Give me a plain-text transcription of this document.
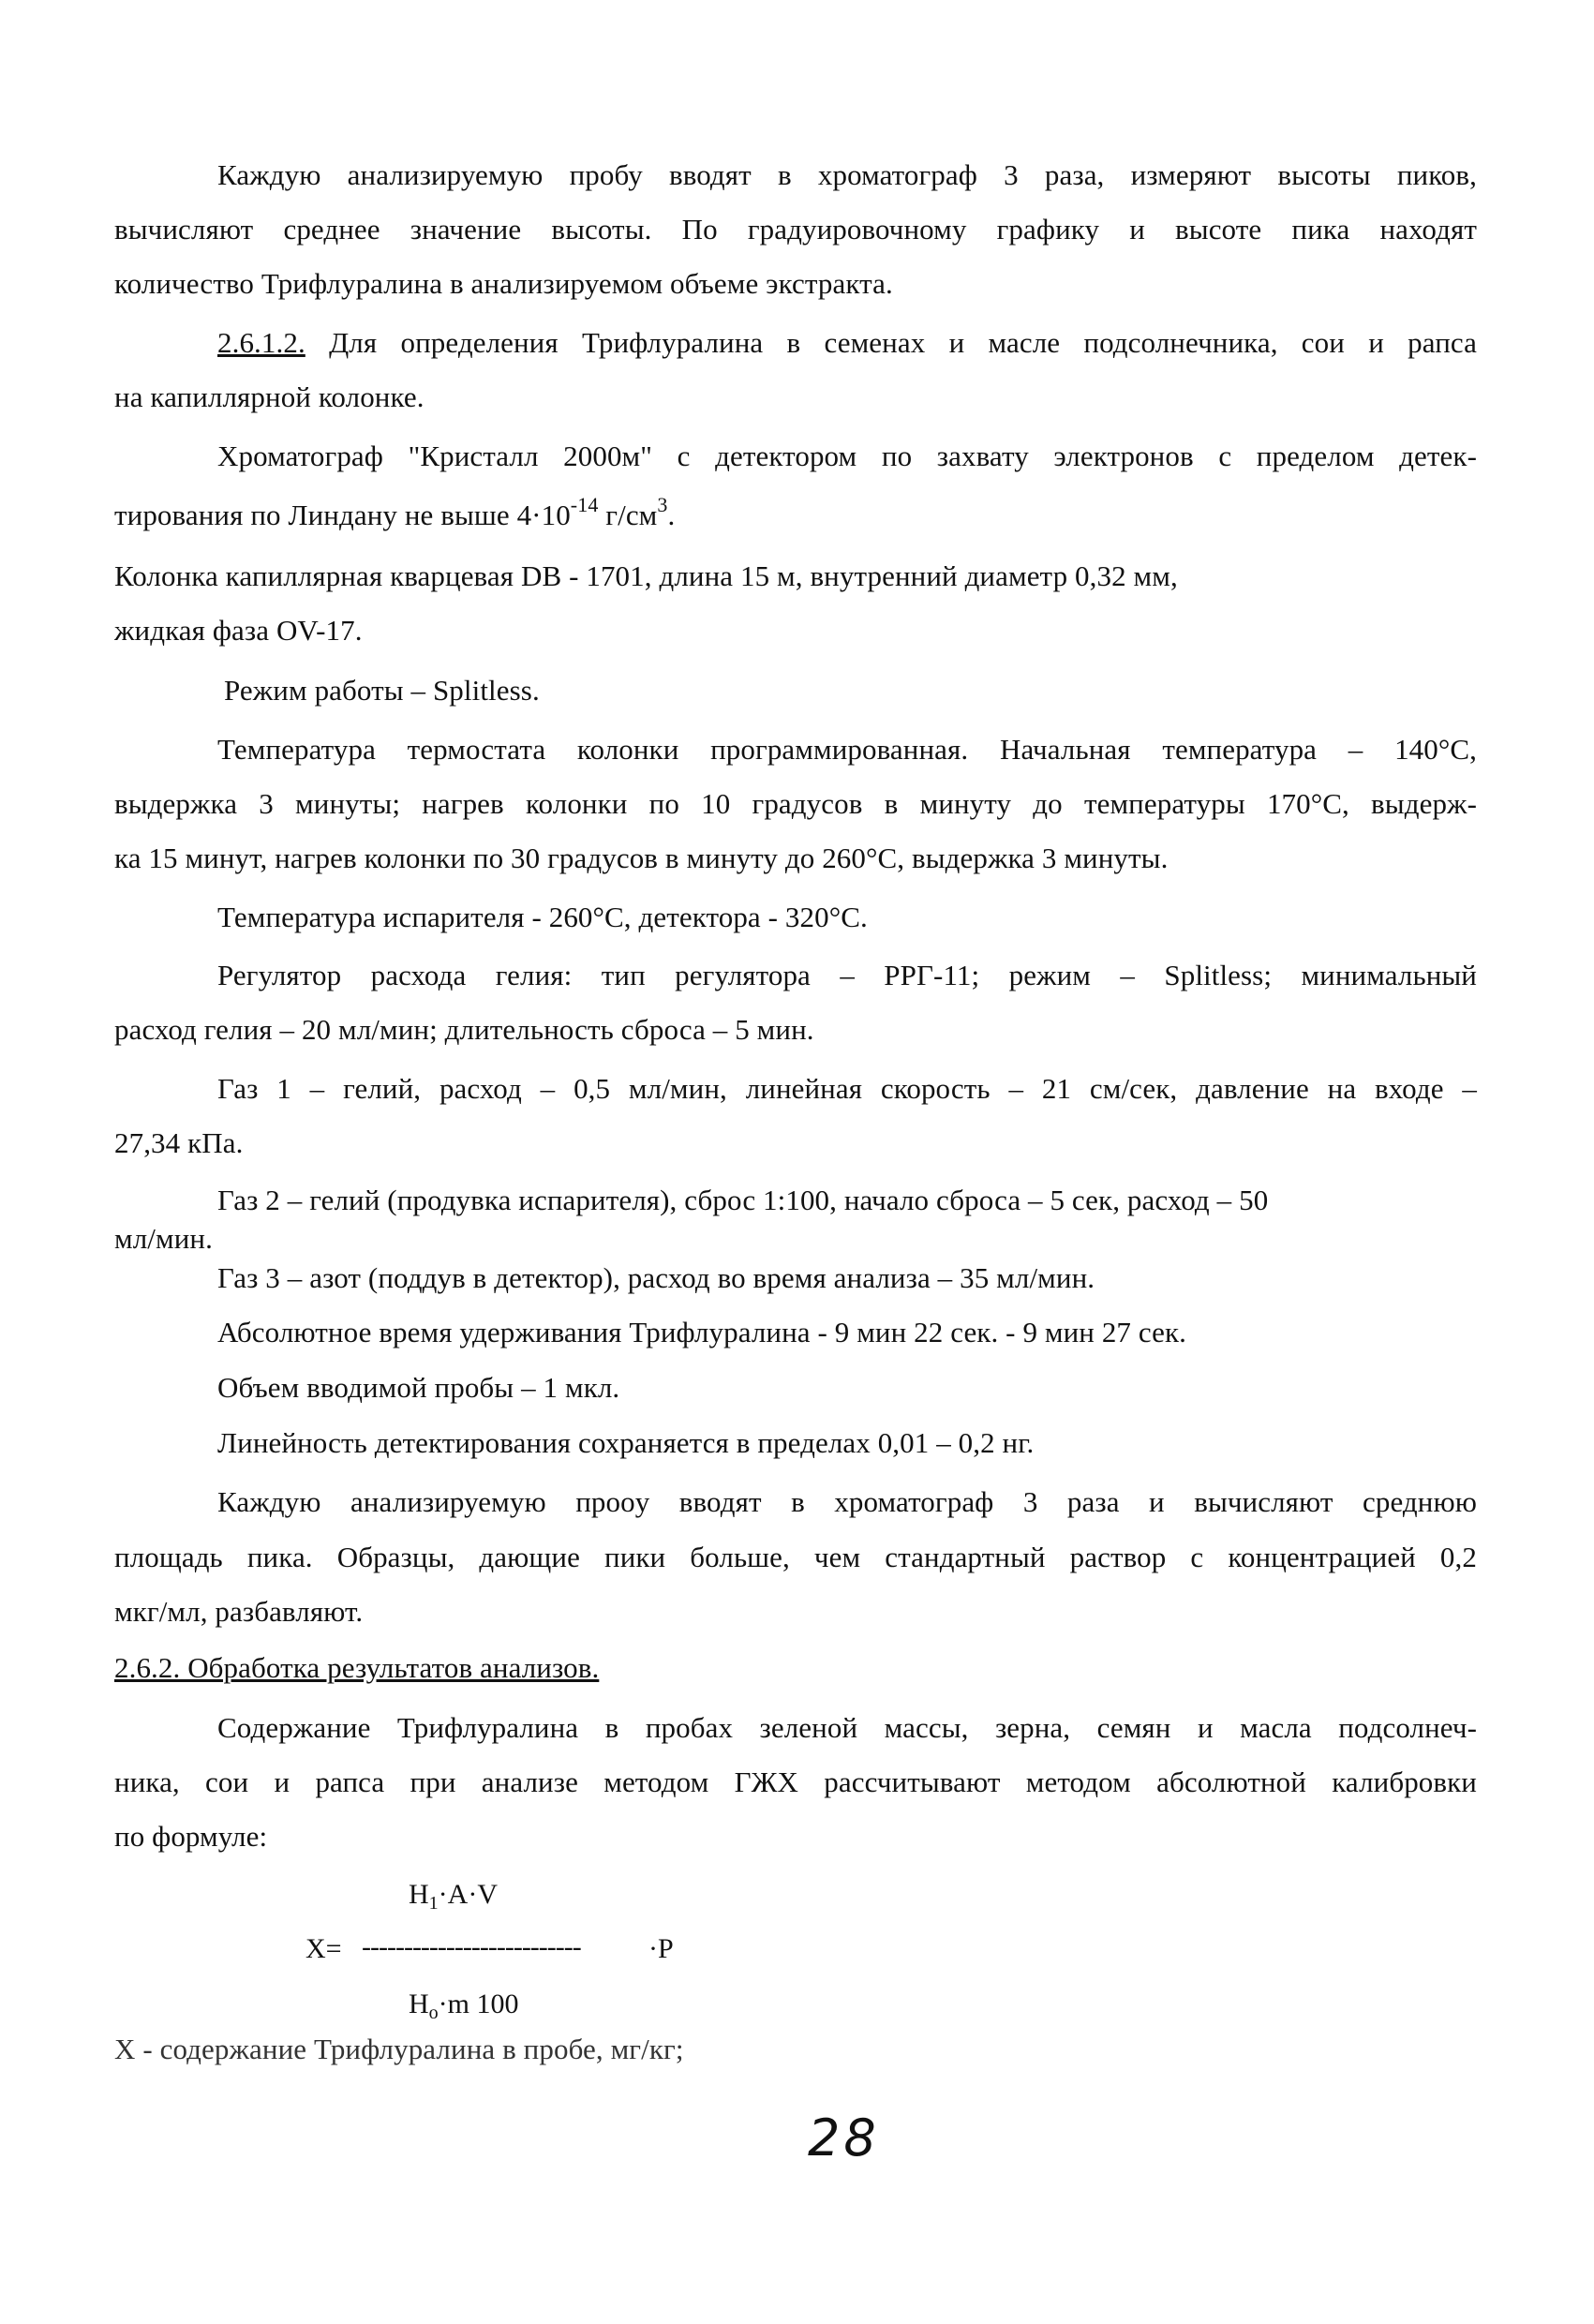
Каждую анализируемую пробу вводят в хроматограф 3 раза, измеряют высоты пиков,
вычисляют среднее значение высоты. По градуировочному графику и высоте пика находят
количество Трифлуралина в анализируемом объеме экстракта.
2.6.1.2. Для определения Трифлуралина в семенах и масле подсолнечника, сои и рапса
на капиллярной колонке.
Хроматограф "Кристалл 2000м" с детектором по захвату электронов с пределом детек-
тирования по Линдану не выше $4\cdot 10^{-14}$ $г/см^3$.
Колонка капиллярная кварцевая DB - 1701, длина 15 м, внутренний диаметр 0,32 мм,
жидкая фаза OV-17.
Режим работы – Splitless.
Температура термостата колонки программированная. Начальная температура – 140°С,
выдержка 3 минуты; нагрев колонки по 10 градусов в минуту до температуры 170°С, выдерж-
ка 15 минут, нагрев колонки по 30 градусов в минуту до 260°С, выдержка 3 минуты.
Температура испарителя - 260°С, детектора - 320°С.
Регулятор расхода гелия: тип регулятора – РРГ-11; режим – Splitless; минимальный
расход гелия – 20 мл/мин; длительность сброса – 5 мин.
Газ 1 – гелий, расход – 0,5 мл/мин, линейная скорость – 21 см/сек, давление на входе –
27,34 кПа.
Газ 2 – гелий (продувка испарителя), сброс 1:100, начало сброса – 5 сек, расход – 50
мл/мин.
Газ 3 – азот (поддув в детектор), расход во время анализа – 35 мл/мин.
Абсолютное время удерживания Трифлуралина - 9 мин 22 сек. - 9 мин 27 сек.
Объем вводимой пробы – 1 мкл.
Линейность детектирования сохраняется в пределах 0,01 – 0,2 нг.
Каждую анализируемую проoy вводят в хроматограф 3 раза и вычисляют среднюю
площадь пика. Образцы, дающие пики больше, чем стандартный раствор с концентрацией 0,2
мкг/мл, разбавляют.
2.6.2. Обработка результатов анализов.
Содержание Трифлуралина в пробах зеленой массы, зерна, семян и масла подсолнеч-
ника, сои и рапса при анализе методом ГЖХ рассчитывают методом абсолютной калибровки
по формуле:
$H_1\cdot A\cdot V$
X= -------------------------- ·P
$H_o\cdot m$ 100
Х - содержание Трифлуралина в пробе, мг/кг;
28
